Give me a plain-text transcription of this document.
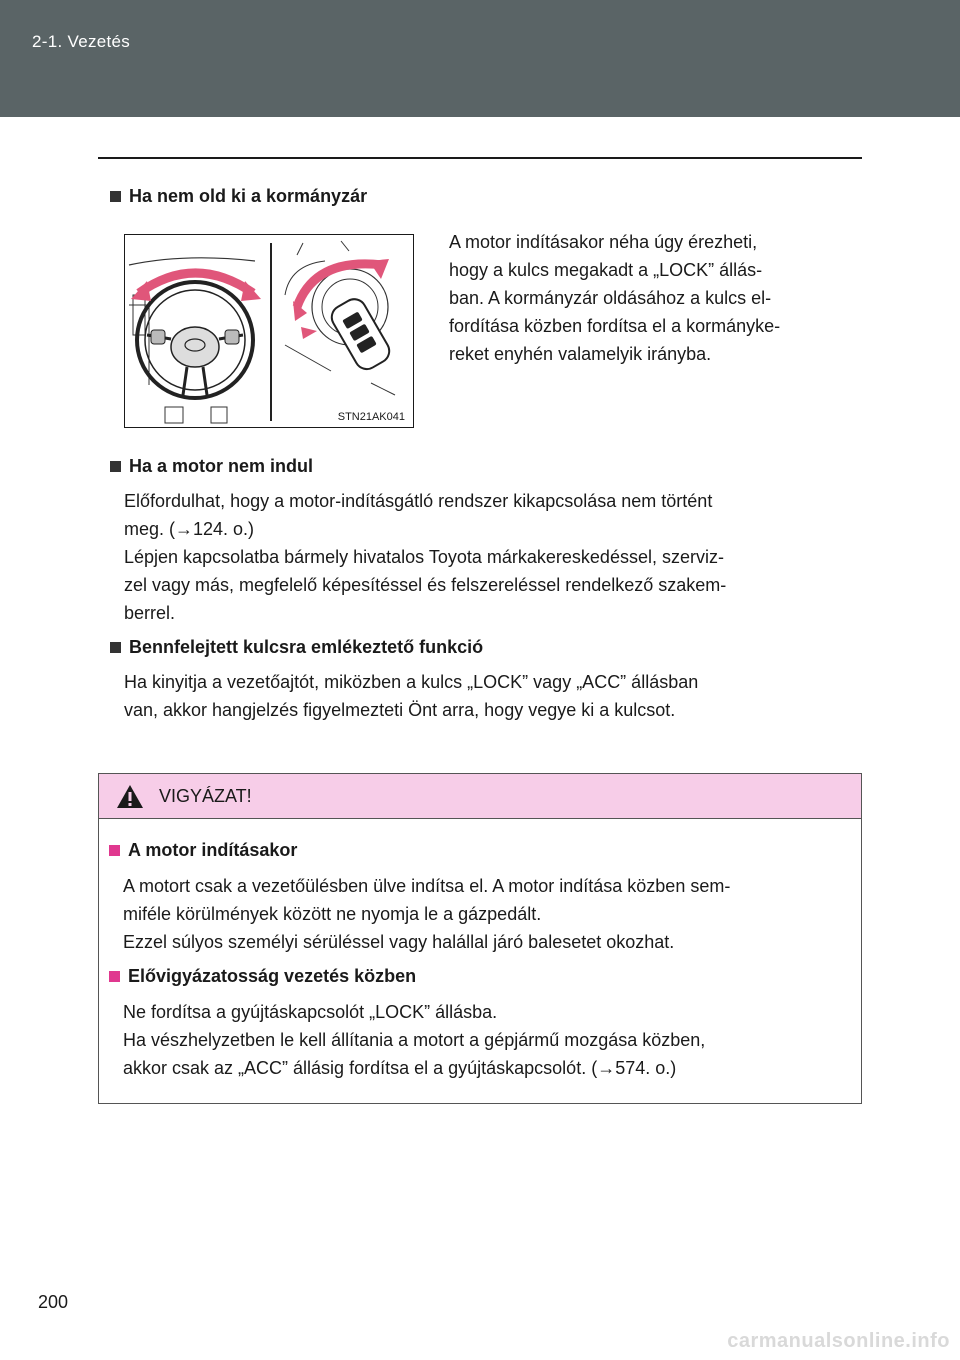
2-1. Vezetés
Ha nem old ki a kormányzár
STN21AK041

A motor indításakor néha úgy érezheti,

hogy a kulcs megakadt a „LOCK” állás-

ban. A kormányzár oldásához a kulcs el-

fordítása közben fordítsa el a kormányke-

reket enyhén valamelyik irányba.

Ha a motor nem indul

Előfordulhat, hogy a motor-indításgátló rendszer kikapcsolása nem történt

meg. (→124. o.)

Lépjen kapcsolatba bármely hivatalos Toyota márkakereskedéssel, szerviz-

zel vagy más, megfelelő képesítéssel és felszereléssel rendelkező szakem-

berrel.

Bennfelejtett kulcsra emlékeztető funkció

Ha kinyitja a vezetőajtót, miközben a kulcs „LOCK” vagy „ACC” állásban

van, akkor hangjelzés figyelmezteti Önt arra, hogy vegye ki a kulcsot.

VIGYÁZAT!
A motor indításakor

A motort csak a vezetőülésben ülve indítsa el. A motor indítása közben sem-

miféle körülmények között ne nyomja le a gázpedált.

Ezzel súlyos személyi sérüléssel vagy halállal járó balesetet okozhat.

Elővigyázatosság vezetés közben

Ne fordítsa a gyújtáskapcsolót „LOCK” állásba.

Ha vészhelyzetben le kell állítania a motort a gépjármű mozgása közben,

akkor csak az „ACC” állásig fordítsa el a gyújtáskapcsolót. (→574. o.)

200
carmanualsonline.info
